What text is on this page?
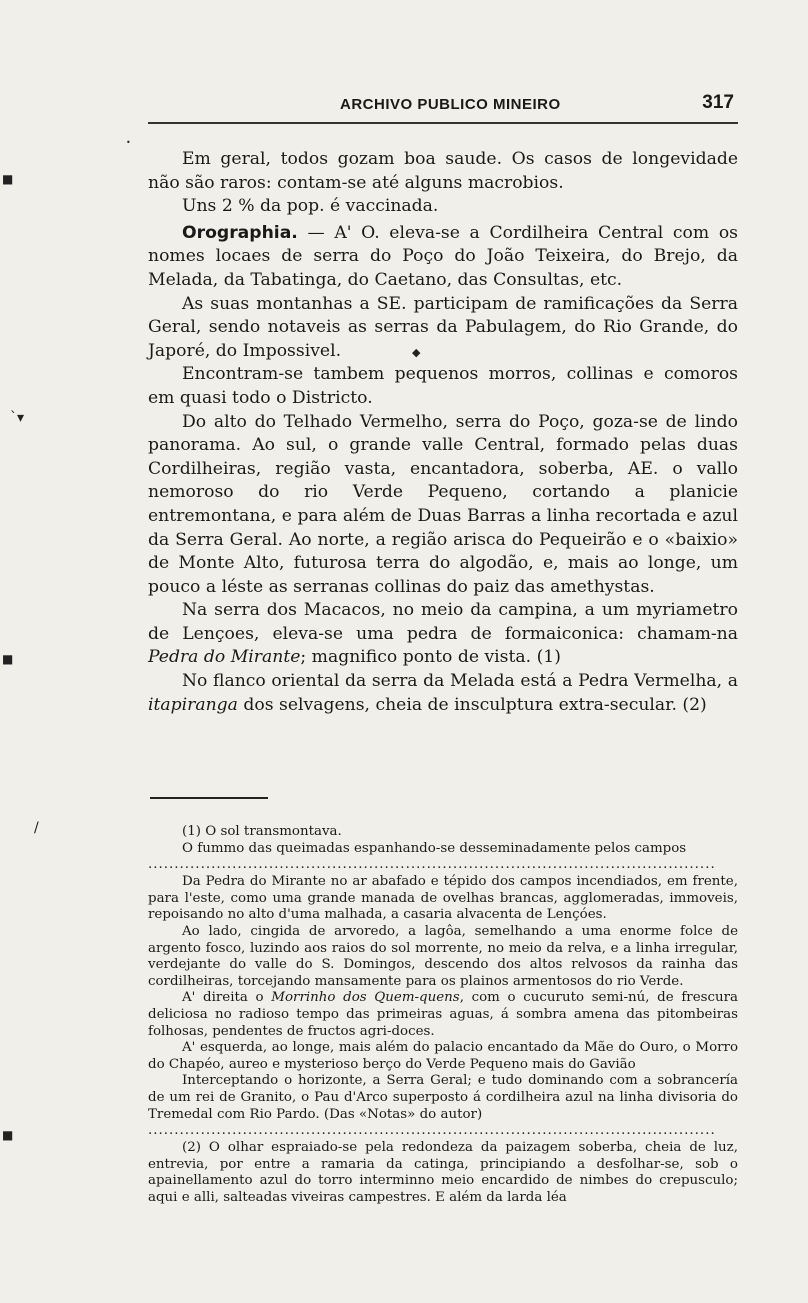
ARCHIVO PUBLICO MINEIRO	317

Em geral, todos gozam boa saude. Os casos de longevidade não são raros: contam-se até alguns macrobios.

Uns 2 % da pop. é vaccinada.

Orographia. — A' O. eleva-se a Cordilheira Central com os nomes locaes de serra do Poço do João Teixeira, do Brejo, da Melada, da Tabatinga, do Caetano, das Consultas, etc.

As suas montanhas a SE. participam de ramificações da Serra Geral, sendo notaveis as serras da Pabulagem, do Rio Grande, do Japoré, do Impossivel.

Encontram-se tambem pequenos morros, collinas e comoros em quasi todo o Districto.

Do alto do Telhado Vermelho, serra do Poço, goza-se de lindo panorama. Ao sul, o grande valle Central, formado pelas duas Cordilheiras, região vasta, encantadora, soberba, AE. o vallo nemoroso do rio Verde Pequeno, cortando a planicie entremontana, e para além de Duas Barras a linha recortada e azul da Serra Geral. Ao norte, a região arisca do Pequeirão e o «baixio» de Monte Alto, futurosa terra do algodão, e, mais ao longe, um pouco a léste as serranas collinas do paiz das amethystas.

Na serra dos Macacos, no meio da campina, a um myriametro de Lençoes, eleva-se uma pedra de formaiconica: chamam-na Pedra do Mirante; magnifico ponto de vista. (1)

No flanco oriental da serra da Melada está a Pedra Vermelha, a itapiranga dos selvagens, cheia de insculptura extra-secular. (2)

(1) O sol transmontava.

O fummo das queimadas espanhando-se desseminadamente pelos campos

............................................................................................................

Da Pedra do Mirante no ar abafado e tépido dos campos incendiados, em frente, para l'este, como uma grande manada de ovelhas brancas, agglomeradas, immoveis, repoisando no alto d'uma malhada, a casaria alvacenta de Lençóes.

Ao lado, cingida de arvoredo, a lagôa, semelhando a uma enorme folce de argento fosco, luzindo aos raios do sol morrente, no meio da relva, e a linha irregular, verdejante do valle do S. Domingos, descendo dos altos relvosos da rainha das cordilheiras, torcejando mansamente para os plainos armentosos do rio Verde.

A' direita o Morrinho dos Quem-quens, com o cucuruto semi-nú, de frescura deliciosa no radioso tempo das primeiras aguas, á sombra amena das pitombeiras folhosas, pendentes de fructos agri-doces.

A' esquerda, ao longe, mais além do palacio encantado da Mãe do Ouro, o Morro do Chapéo, aureo e mysterioso berço do Verde Pequeno mais do Gavião

Interceptando o horizonte, a Serra Geral; e tudo dominando com a sobrancería de um rei de Granito, o Pau d'Arco superposto á cordilheira azul na linha divisoria do Tremedal com Rio Pardo. (Das «Notas» do autor)

............................................................................................................

(2) O olhar espraiado-se pela redondeza da paizagem soberba, cheia de luz, entrevia, por entre a ramaria da catinga, principiando a desfolhar-se, sob o apainellamento azul do torro interminno meio encardido de nimbes do crepusculo; aqui e alli, salteadas viveiras campestres. E além da larda léa

■
`▾
■
/
■
•
◆
